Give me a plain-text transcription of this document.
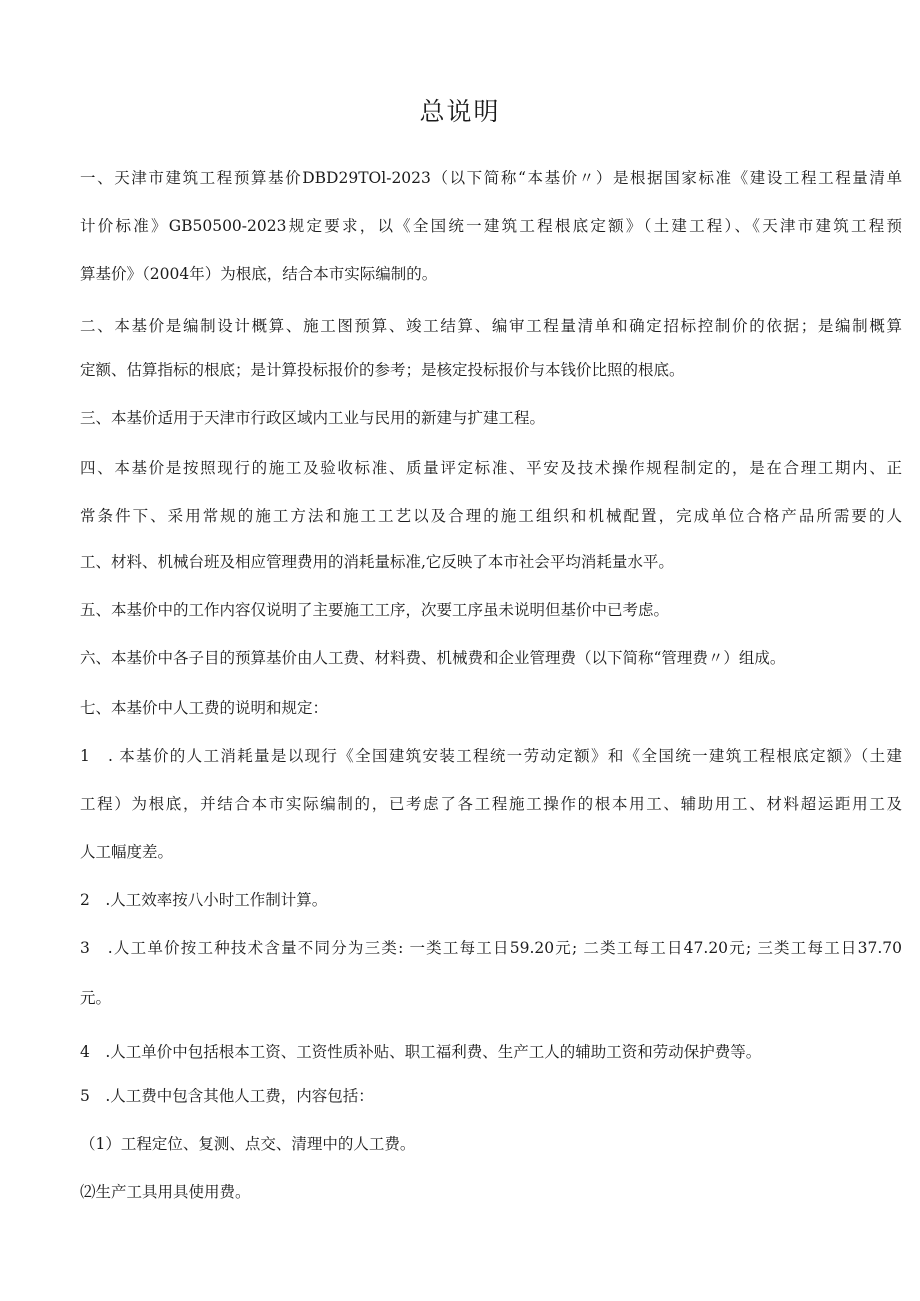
总说明
一、天津市建筑工程预算基价DBD29TOl-2023（以下简称“本基价〃）是根据国家标准《建设工程工程量清单
计价标准》GB50500-2023规定要求，以《全国统一建筑工程根底定额》（土建工程）、《天津市建筑工程预
算基价》（2004年）为根底，结合本市实际编制的。
二、本基价是编制设计概算、施工图预算、竣工结算、编审工程量清单和确定招标控制价的依据；是编制概算
定额、估算指标的根底；是计算投标报价的参考；是核定投标报价与本钱价比照的根底。
三、本基价适用于天津市行政区域内工业与民用的新建与扩建工程。
四、本基价是按照现行的施工及验收标准、质量评定标准、平安及技术操作规程制定的，是在合理工期内、正
常条件下、采用常规的施工方法和施工工艺以及合理的施工组织和机械配置，完成单位合格产品所需要的人
工、材料、机械台班及相应管理费用的消耗量标准,它反映了本市社会平均消耗量水平。
五、本基价中的工作内容仅说明了主要施工工序，次要工序虽未说明但基价中已考虑。
六、本基价中各子目的预算基价由人工费、材料费、机械费和企业管理费（以下简称“管理费〃）组成。
七、本基价中人工费的说明和规定：
1　. 本基价的人工消耗量是以现行《全国建筑安装工程统一劳动定额》和《全国统一建筑工程根底定额》（土建
工程）为根底，并结合本市实际编制的，已考虑了各工程施工操作的根本用工、辅助用工、材料超运距用工及
人工幅度差。
2　.人工效率按八小时工作制计算。
3　.人工单价按工种技术含量不同分为三类: 一类工每工日59.20元; 二类工每工日47.20元; 三类工每工日37.70
元。
4　.人工单价中包括根本工资、工资性质补贴、职工福利费、生产工人的辅助工资和劳动保护费等。
5　.人工费中包含其他人工费，内容包括：
（1）工程定位、复测、点交、清理中的人工费。
⑵生产工具用具使用费。
